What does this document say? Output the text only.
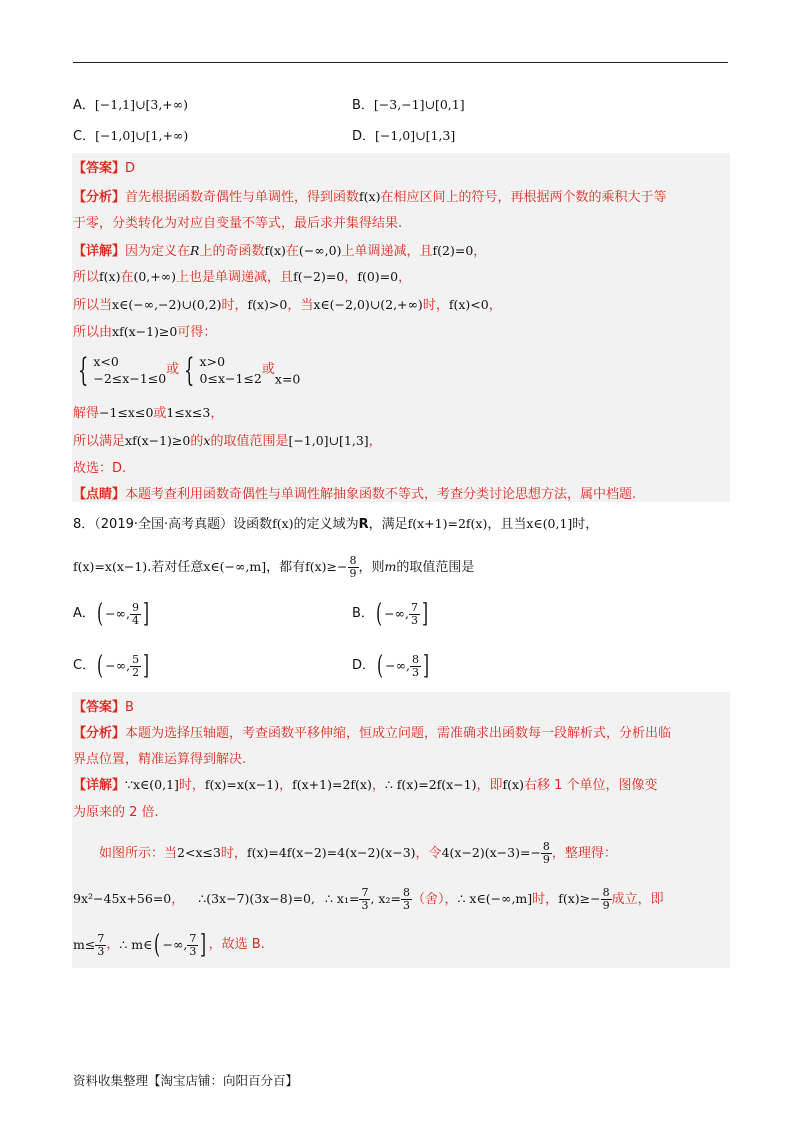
A．[−1,1]∪[3,+∞)	B．[−3,−1]∪[0,1]
C．[−1,0]∪[1,+∞)	D．[−1,0]∪[1,3]
【答案】D
【分析】首先根据函数奇偶性与单调性，得到函数f(x)在相应区间上的符号，再根据两个数的乘积大于等
于零，分类转化为对应自变量不等式，最后求并集得结果.
【详解】因为定义在R上的奇函数f(x)在(−∞,0)上单调递减，且f(2)=0，
所以f(x)在(0,+∞)上也是单调递减，且f(−2)=0，f(0)=0，
所以当x∈(−∞,−2)∪(0,2)时，f(x)>0，当x∈(−2,0)∪(2,+∞)时，f(x)<0，
所以由xf(x−1)≥0可得：
{ x<0
−2≤x−1≤0
或 { x>0
0≤x−1≤2
或x=0
解得−1≤x≤0或1≤x≤3，
所以满足xf(x−1)≥0的x的取值范围是[−1,0]∪[1,3]，
故选：D.
【点睛】本题考查利用函数奇偶性与单调性解抽象函数不等式，考查分类讨论思想方法，属中档题.
8．（2019·全国·高考真题）设函数f(x)的定义域为R，满足f(x+1)=2f(x)，且当x∈(0,1]时，
f(x)=x(x−1).若对任意x∈(−∞,m]，都有$f(x)\ge- \frac{8}{9}$ ，则m的取值范围是
A．( −∞, $\frac{9}{4}$ ]	B．( −∞, $\frac{7}{3}$ ]
C．( −∞, $\frac{5}{2}$ ]	D．( −∞, $\frac{8}{3}$ ]
【答案】B
【分析】本题为选择压轴题，考查函数平移伸缩，恒成立问题，需准确求出函数每一段解析式，分析出临
界点位置，精准运算得到解决.
【详解】∵x∈(0,1]时，f(x)=x(x−1)，f(x+1)=2f(x)，∴ f(x)=2f(x−1)，即f(x)右移 1 个单位，图像变
为原来的 2 倍.
如图所示：当2<x≤3时，f(x)=4f(x−2)=4(x−2)(x−3)，令$4(x-2)(x-3)=- \frac{8}{9}$ ，整理得：
9x²−45x+56=0， ∴(3x−7)(3x−8)=0, ∴ $x_1= \frac{7}{3}$ , $x_2= \frac{8}{3}$ （舍），∴ x∈(−∞,m]时，$f(x)\ge- \frac{8}{9}$ 成立，即
$m\le \frac{7}{3}$ ，∴ m∈( −∞, $\frac{7}{3}$ ] ，故选 B.
资料收集整理【淘宝店铺：向阳百分百】
